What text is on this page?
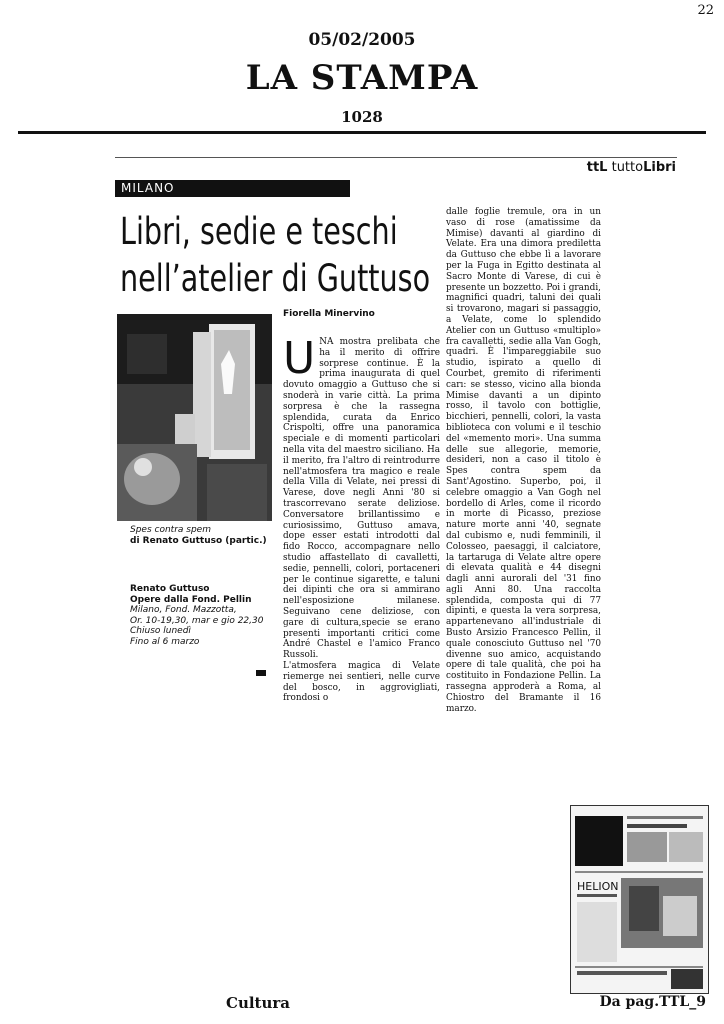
22
05/02/2005
LA STAMPA
1028
ttL tuttoLibri
MILANO
Libri, sedie e teschi
nell’atelier di Guttuso
Spes contra spem
di Renato Guttuso (partic.)
Renato Guttuso
Opere dalla Fond. Pellin
Milano, Fond. Mazzotta,
Or. 10-19,30, mar e gio 22,30
Chiuso lunedì
Fino al 6 marzo
Fiorella Minervino
U NA mostra prelibata che ha il merito di offrire sorprese continue. È la prima inaugurata di quel dovuto omaggio a Guttuso che si snoderà in varie città. La prima sorpresa è che la rassegna splendida, curata da Enrico Crispolti, offre una panoramica speciale e di momenti particolari nella vita del maestro siciliano. Ha il merito, fra l'altro di reintrodurre nell'atmosfera tra magico e reale della Villa di Velate, nei pressi di Varese, dove negli Anni '80 si trascorrevano serate deliziose. Conversatore brillantissimo e curiosissimo, Guttuso amava, dope esser estati introdotti dal fido Rocco, accompagnare nello studio affastellato di cavalletti, sedie, pennelli, colori, portaceneri per le continue sigarette, e taluni dei dipinti che ora si ammirano nell'esposizione milanese. Seguivano cene deliziose, con gare di cultura,specie se erano presenti importanti critici come André Chastel e l'amico Franco Russoli.

L'atmosfera magica di Velate riemerge nei sentieri, nelle curve del bosco, in aggrovigliati, frondosi o

dalle foglie tremule, ora in un vaso di rose (amatissime da Mimise) davanti al giardino di Velate. Era una dimora prediletta da Guttuso che ebbe lì a lavorare per la Fuga in Egitto destinata al Sacro Monte di Varese, di cui è presente un bozzetto. Poi i grandi, magnifici quadri, taluni dei quali si trovarono, magari si passaggio, a Velate, come lo splendido Atelier con un Guttuso «multiplo» fra cavalletti, sedie alla Van Gogh, quadri. È l'impareggiabile suo studio, ispirato a quello di Courbet, gremito di riferimenti carı: se stesso, vicino alla bionda Mimise davanti a un dipinto rosso, il tavolo con bottiglie, bicchieri, pennelli, colori, la vasta biblioteca con volumi e il teschio del «memento mori». Una summa delle sue allegorie, memorie, desideri, non a caso il titolo è Spes contra spem da Sant'Agostino. Superbo, poi, il celebre omaggio a Van Gogh nel bordello di Arles, come il ricordo in morte di Picasso, preziose nature morte anni '40, segnate dal cubismo e, nudi femminili, il Colosseo, paesaggi, il calciatore, la tartaruga di Velate altre opere di elevata qualità e 44 disegni dagli anni aurorali del '31 fino agli Anni 80. Una raccolta splendida, composta qui di 77 dipinti, e questa la vera sorpresa, appartenevano all'industriale di Busto Arsizio Francesco Pellin, il quale conosciuto Guttuso nel '70 divenne suo amico, acquistando opere di tale qualità, che poi ha costituito in Fondazione Pellin. La rassegna approderà a Roma, al Chiostro del Bramante il 16 marzo.

HELION
Cultura	Da pag.TTL_9
